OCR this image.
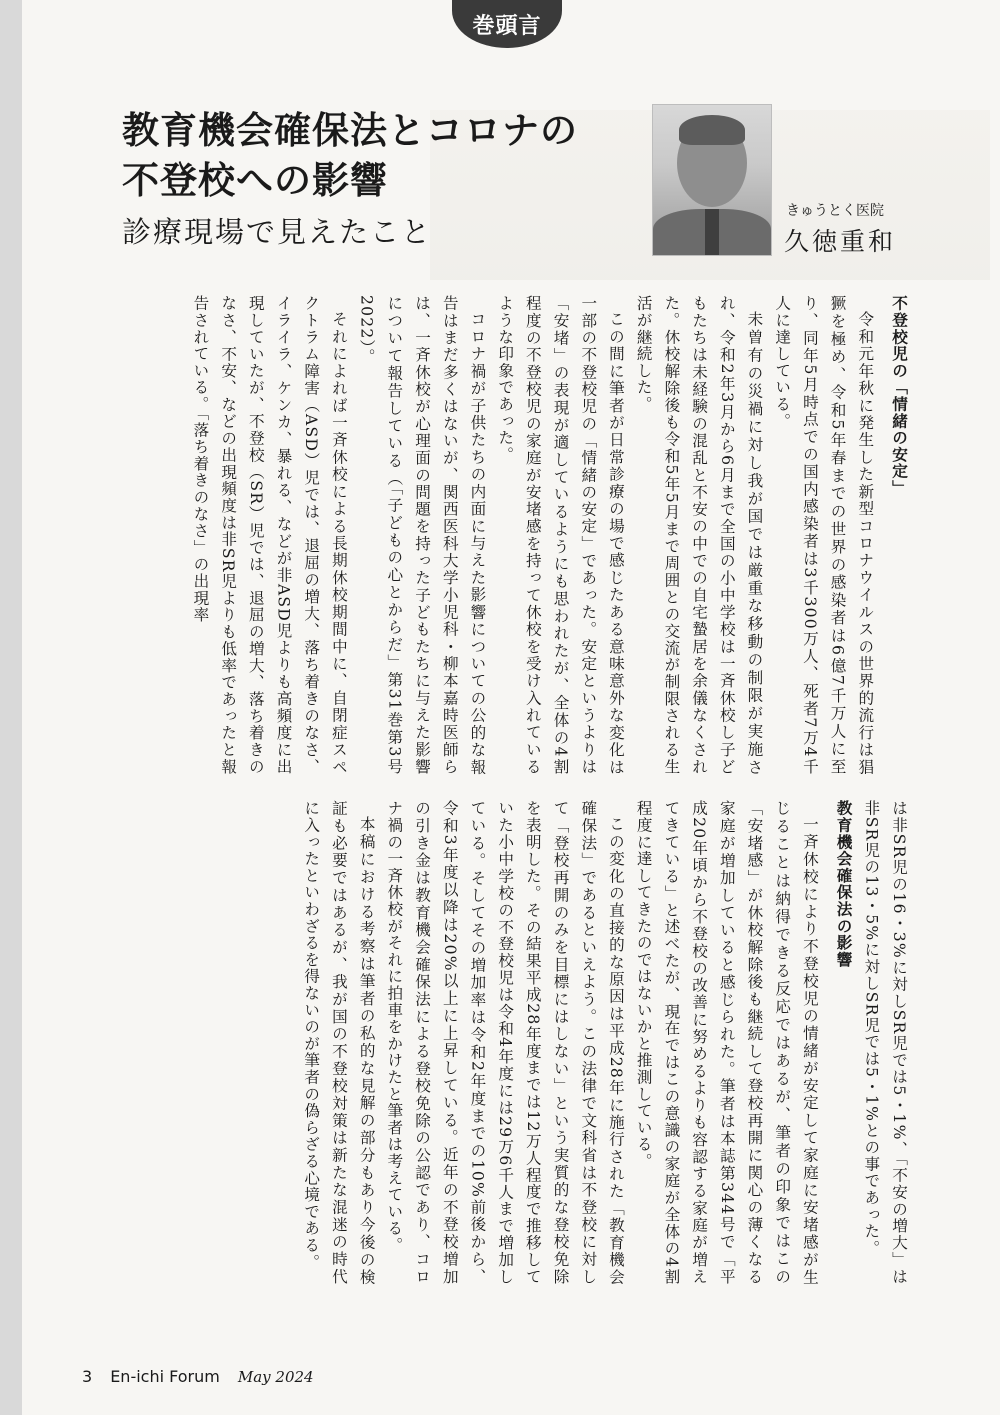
巻頭言
教育機会確保法とコロナの
不登校への影響
診療現場で見えたこと
きゅうとく医院
久徳重和
不登校児の「情緒の安定」

令和元年秋に発生した新型コロナウイルスの世界的流行は猖獗を極め、令和5年春までの世界の感染者は6億7千万人に至り、同年5月時点での国内感染者は3千300万人、死者7万4千人に達している。

未曽有の災禍に対し我が国では厳重な移動の制限が実施され、令和2年3月から6月まで全国の小中学校は一斉休校し子どもたちは未経験の混乱と不安の中での自宅蟄居を余儀なくされた。休校解除後も令和5年5月まで周囲との交流が制限される生活が継続した。

この間に筆者が日常診療の場で感じたある意味意外な変化は一部の不登校児の「情緒の安定」であった。安定というよりは「安堵」の表現が適しているようにも思われたが、全体の4割程度の不登校児の家庭が安堵感を持って休校を受け入れているような印象であった。

コロナ禍が子供たちの内面に与えた影響についての公的な報告はまだ多くはないが、関西医科大学小児科・柳本嘉時医師らは、一斉休校が心理面の問題を持った子どもたちに与えた影響について報告している（「子どもの心とからだ」第31巻第3号 2022）。

それによれば一斉休校による長期休校期間中に、自閉症スペクトラム障害（ASD）児では、退屈の増大、落ち着きのなさ、イライラ、ケンカ、暴れる、などが非ASD児よりも高頻度に出現していたが、不登校（SR）児では、退屈の増大、落ち着きのなさ、不安、などの出現頻度は非SR児よりも低率であったと報告されている。「落ち着きのなさ」の出現率

は非SR児の16・3%に対しSR児では5・1%、「不安の増大」は非SR児の13・5%に対しSR児では5・1%との事であった。

教育機会確保法の影響

一斉休校により不登校児の情緒が安定して家庭に安堵感が生じることは納得できる反応ではあるが、筆者の印象ではこの「安堵感」が休校解除後も継続して登校再開に関心の薄くなる家庭が増加していると感じられた。筆者は本誌第344号で「平成20年頃から不登校の改善に努めるよりも容認する家庭が増えてきている」と述べたが、現在ではこの意識の家庭が全体の4割程度に達してきたのではないかと推測している。

この変化の直接的な原因は平成28年に施行された「教育機会確保法」であるといえよう。この法律で文科省は不登校に対して「登校再開のみを目標にはしない」という実質的な登校免除を表明した。その結果平成28年度までは12万人程度で推移していた小中学校の不登校児は令和4年度には29万6千人まで増加している。そしてその増加率は令和2年度までの10%前後から、令和3年度以降は20%以上に上昇している。近年の不登校増加の引き金は教育機会確保法による登校免除の公認であり、コロナ禍の一斉休校がそれに拍車をかけたと筆者は考えている。

本稿における考察は筆者の私的な見解の部分もあり今後の検証も必要ではあるが、我が国の不登校対策は新たな混迷の時代に入ったといわざるを得ないのが筆者の偽らざる心境である。

3 En-ichi Forum May 2024
